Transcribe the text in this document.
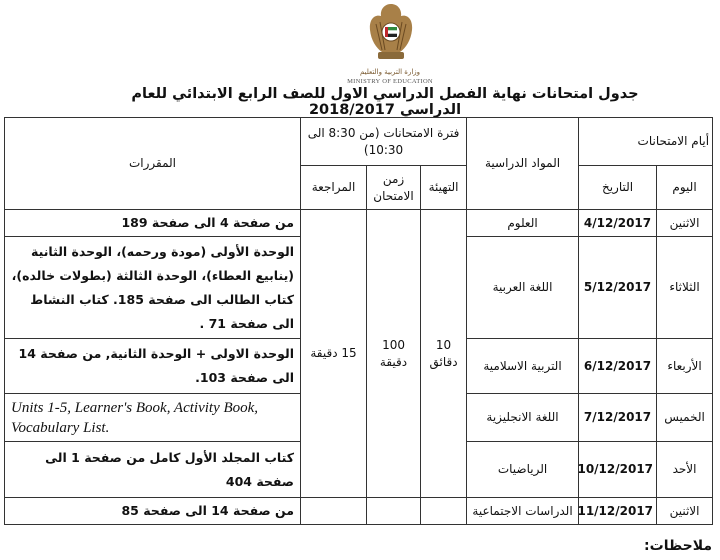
وزارة التربية والتعليم
MINISTRY OF EDUCATION
جدول امتحانات نهاية الفصل الدراسي الاول للصف الرابع الابتدائي للعام الدراسي 2018/2017
أيام الامتحانات		المواد الدراسية	فترة الامتحانات (من 8:30 الى 10:30)			المقررات
اليوم	التاريخ		التهيئة	زمن الامتحان	المراجعة	
الاثنين	4/12/2017	العلوم	10 دقائق	100 دقيقة	15 دقيقة	من صفحة 4 الى صفحة 189
الثلاثاء	5/12/2017	اللغة العربية				الوحدة الأولى (مودة ورحمه)، الوحدة الثانية (ينابيع العطاء)، الوحدة الثالثة (بطولات خالده)، كتاب الطالب الى صفحة 185. كتاب النشاط الى صفحة 71 .
الأربعاء	6/12/2017	التربية الاسلامية				الوحدة الاولى + الوحدة الثانية, من صفحة 14 الى صفحة 103.
الخميس	7/12/2017	اللغة الانجليزية				Units 1-5, Learner's Book, Activity Book, Vocabulary List.
الأحد	10/12/2017	الرياضيات				كتاب المجلد الأول كامل من صفحة 1 الى صفحة 404
الاثنين	11/12/2017	الدراسات الاجتماعية				من صفحة 14 الى صفحة 85
ملاحظات:
